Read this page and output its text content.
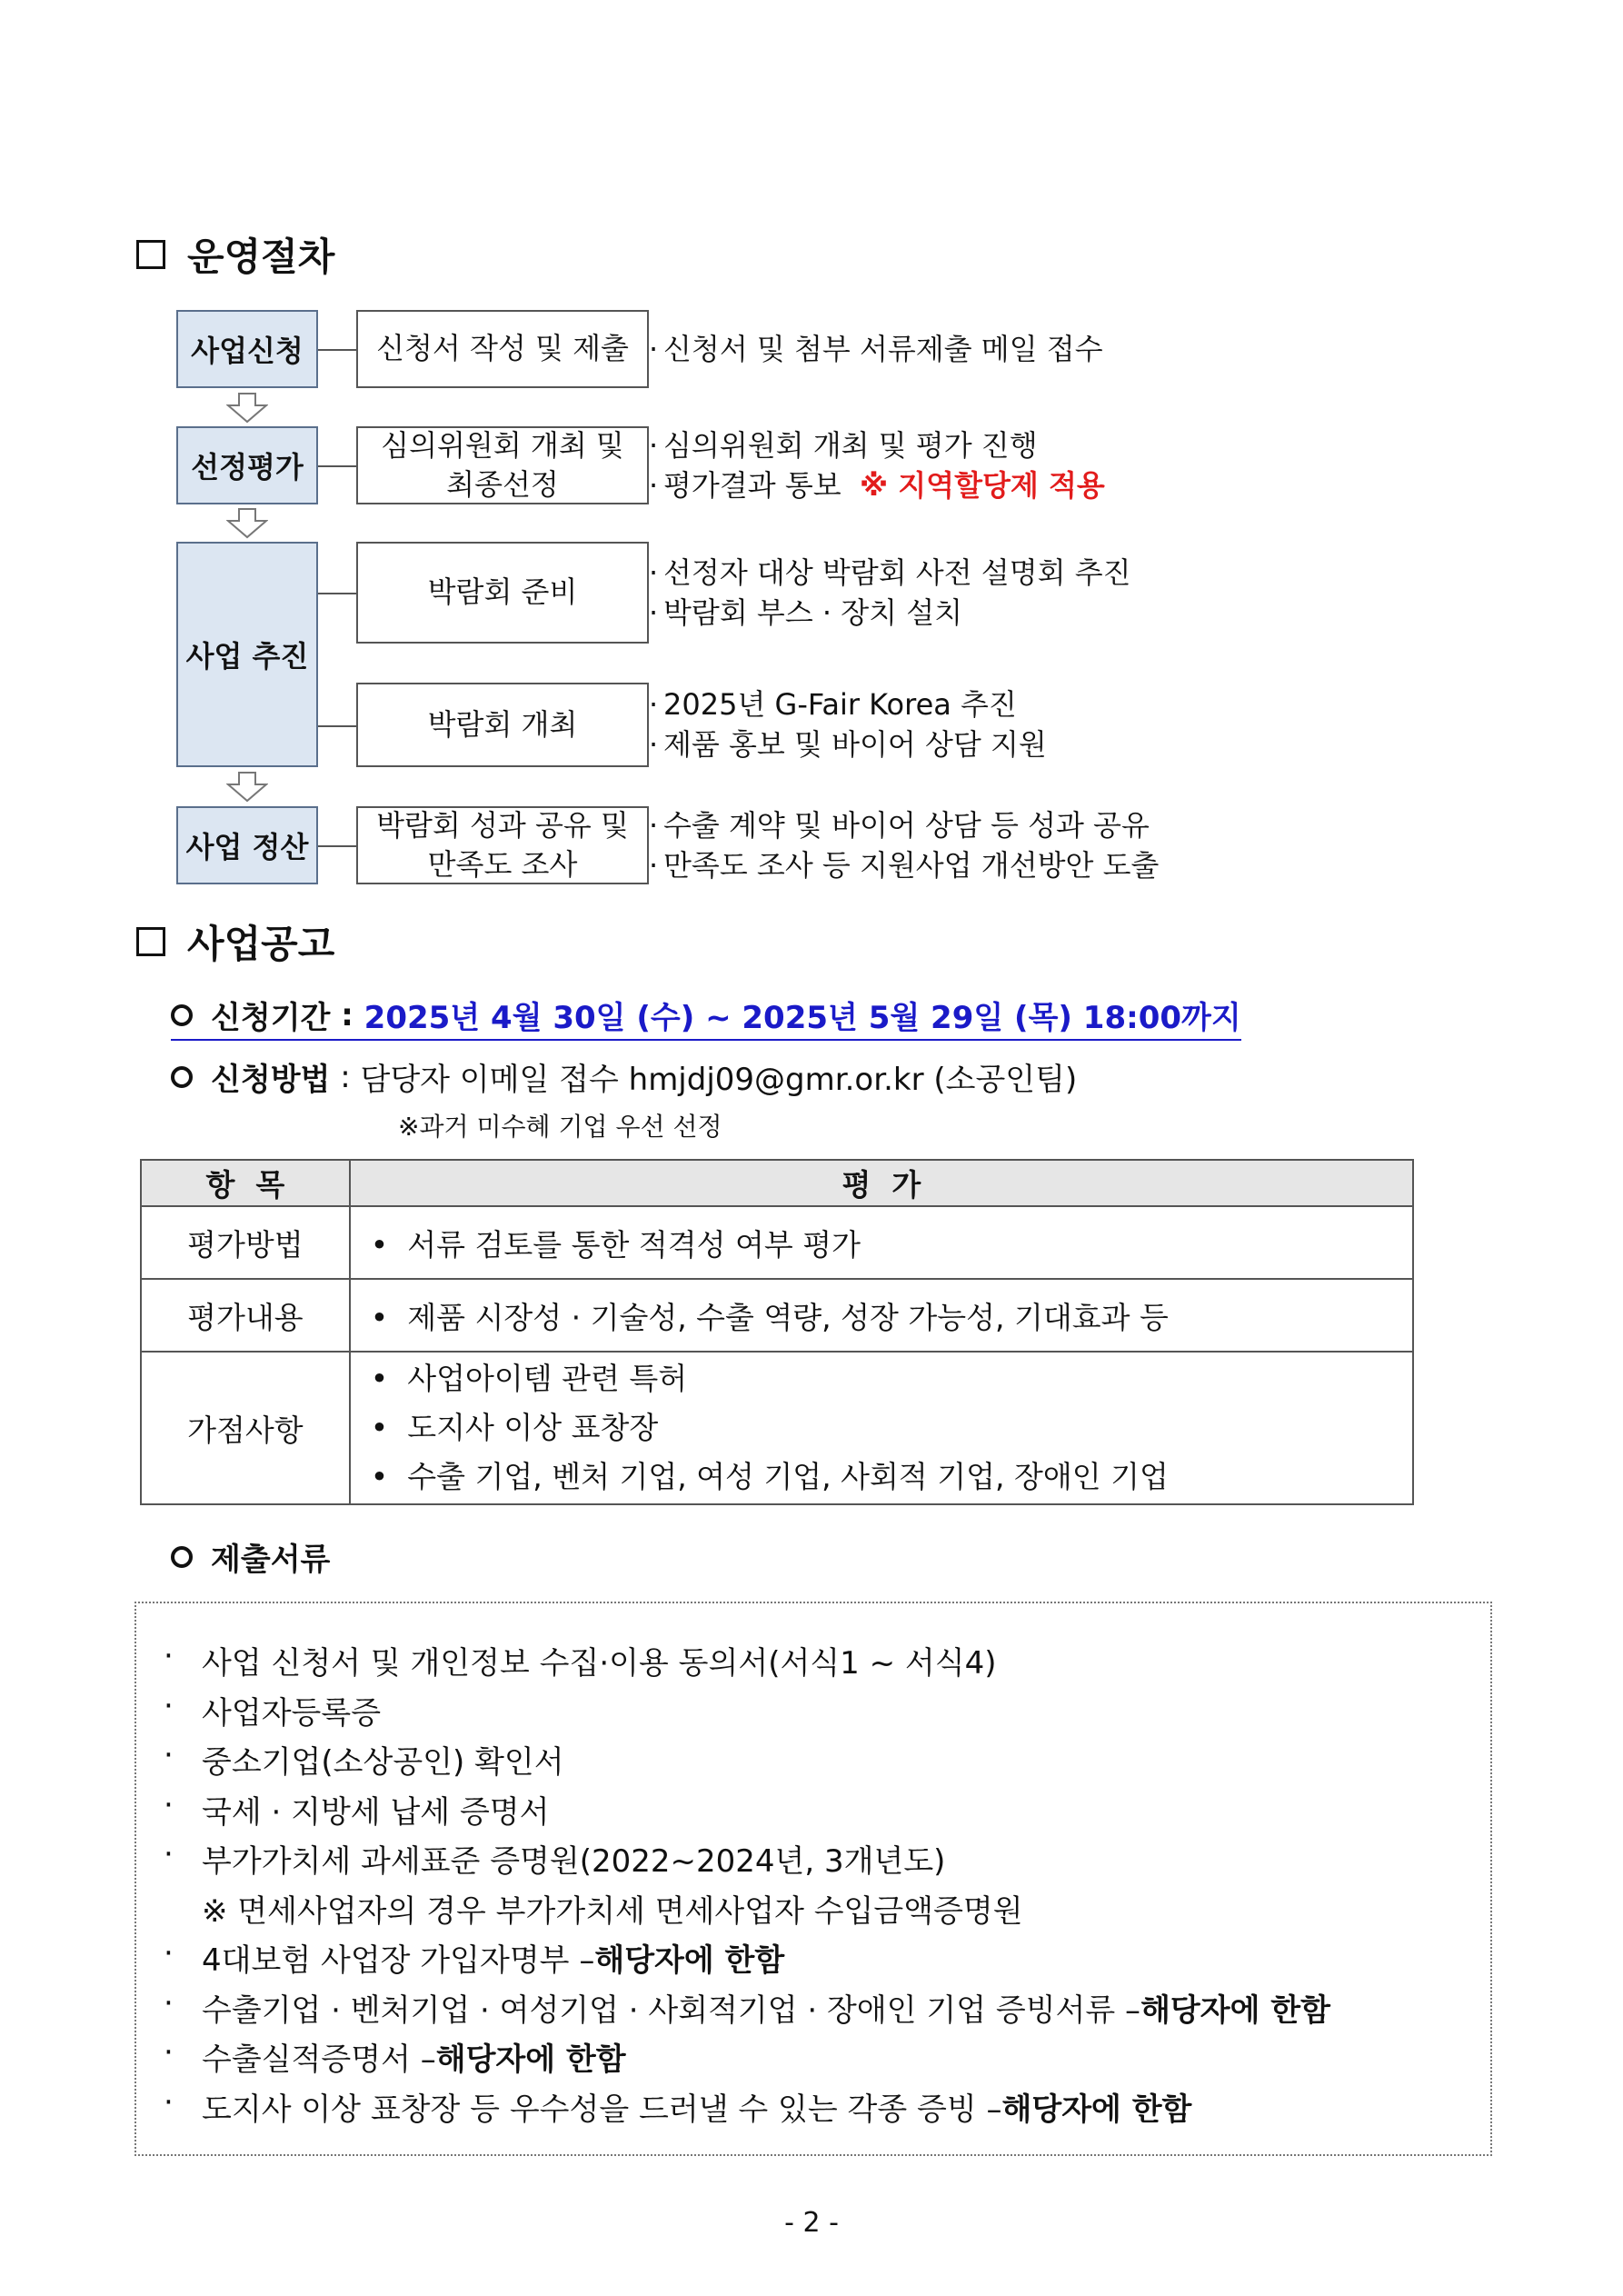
운영절차
사업신청
선정평가
사업 추진
사업 정산
신청서 작성 및 제출
심의위원회 개최 및
최종선정
박람회 준비
박람회 개최
박람회 성과 공유 및
만족도 조사
· 신청서 및 첨부 서류제출 메일 접수
· 심의위원회 개최 및 평가 진행
· 평가결과 통보
※ 지역할당제 적용
· 선정자 대상 박람회 사전 설명회 추진
· 박람회 부스 · 장치 설치
· 2025년 G-Fair Korea 추진
· 제품 홍보 및 바이어 상담 지원
· 수출 계약 및 바이어 상담 등 성과 공유
· 만족도 조사 등 지원사업 개선방안 도출
사업공고
신청기간 : 2025년 4월 30일 (수) ~ 2025년 5월 29일 (목) 18:00까지
신청방법 : 담당자 이메일 접수 hmjdj09@gmr.or.kr (소공인팀)
※과거 미수혜 기업 우선 선정
항  목	평  가
평가방법	•  서류 검토를 통한 적격성 여부 평가
평가내용	•  제품 시장성 · 기술성, 수출 역량, 성장 가능성, 기대효과 등
가점사항	•  사업아이템 관련 특허
•  도지사 이상 표창장
•  수출 기업, 벤처 기업, 여성 기업, 사회적 기업, 장애인 기업
제출서류
· 사업 신청서 및 개인정보 수집·이용 동의서(서식1 ~ 서식4)
· 사업자등록증
· 중소기업(소상공인) 확인서
· 국세 · 지방세 납세 증명서
· 부가가치세 과세표준 증명원(2022~2024년, 3개년도)
※ 면세사업자의 경우 부가가치세 면세사업자 수입금액증명원
· 4대보험 사업장 가입자명부 – 해당자에 한함
· 수출기업 · 벤처기업 · 여성기업 · 사회적기업 · 장애인 기업 증빙서류 – 해당자에 한함
· 수출실적증명서 – 해당자에 한함
· 도지사 이상 표창장 등 우수성을 드러낼 수 있는 각종 증빙 – 해당자에 한함
- 2 -
